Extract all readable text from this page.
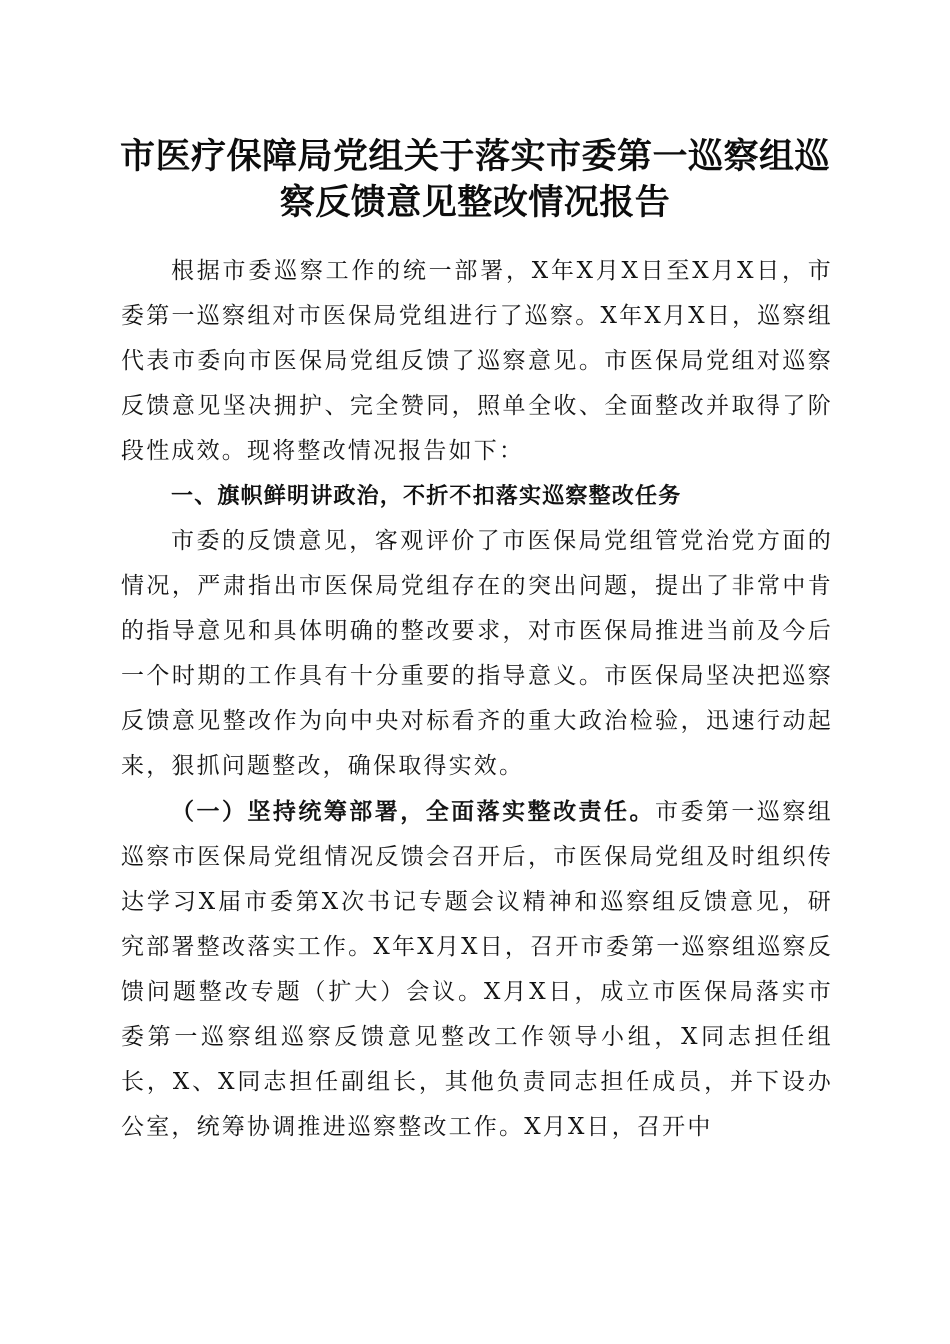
市医疗保障局党组关于落实市委第一巡察组巡
察反馈意见整改情况报告

根据市委巡察工作的统一部署，X年X月X日至X月X日，市委第一巡察组对市医保局党组进行了巡察。X年X月X日，巡察组代表市委向市医保局党组反馈了巡察意见。市医保局党组对巡察反馈意见坚决拥护、完全赞同，照单全收、全面整改并取得了阶段性成效。现将整改情况报告如下：

一、旗帜鲜明讲政治，不折不扣落实巡察整改任务

市委的反馈意见，客观评价了市医保局党组管党治党方面的情况，严肃指出市医保局党组存在的突出问题，提出了非常中肯的指导意见和具体明确的整改要求，对市医保局推进当前及今后一个时期的工作具有十分重要的指导意义。市医保局坚决把巡察反馈意见整改作为向中央对标看齐的重大政治检验，迅速行动起来，狠抓问题整改，确保取得实效。

（一）坚持统筹部署，全面落实整改责任。市委第一巡察组巡察市医保局党组情况反馈会召开后，市医保局党组及时组织传达学习X届市委第X次书记专题会议精神和巡察组反馈意见，研究部署整改落实工作。X年X月X日，召开市委第一巡察组巡察反馈问题整改专题（扩大）会议。X月X日，成立市医保局落实市委第一巡察组巡察反馈意见整改工作领导小组，X同志担任组长，X、X同志担任副组长，其他负责同志担任成员，并下设办公室，统筹协调推进巡察整改工作。X月X日，召开中
